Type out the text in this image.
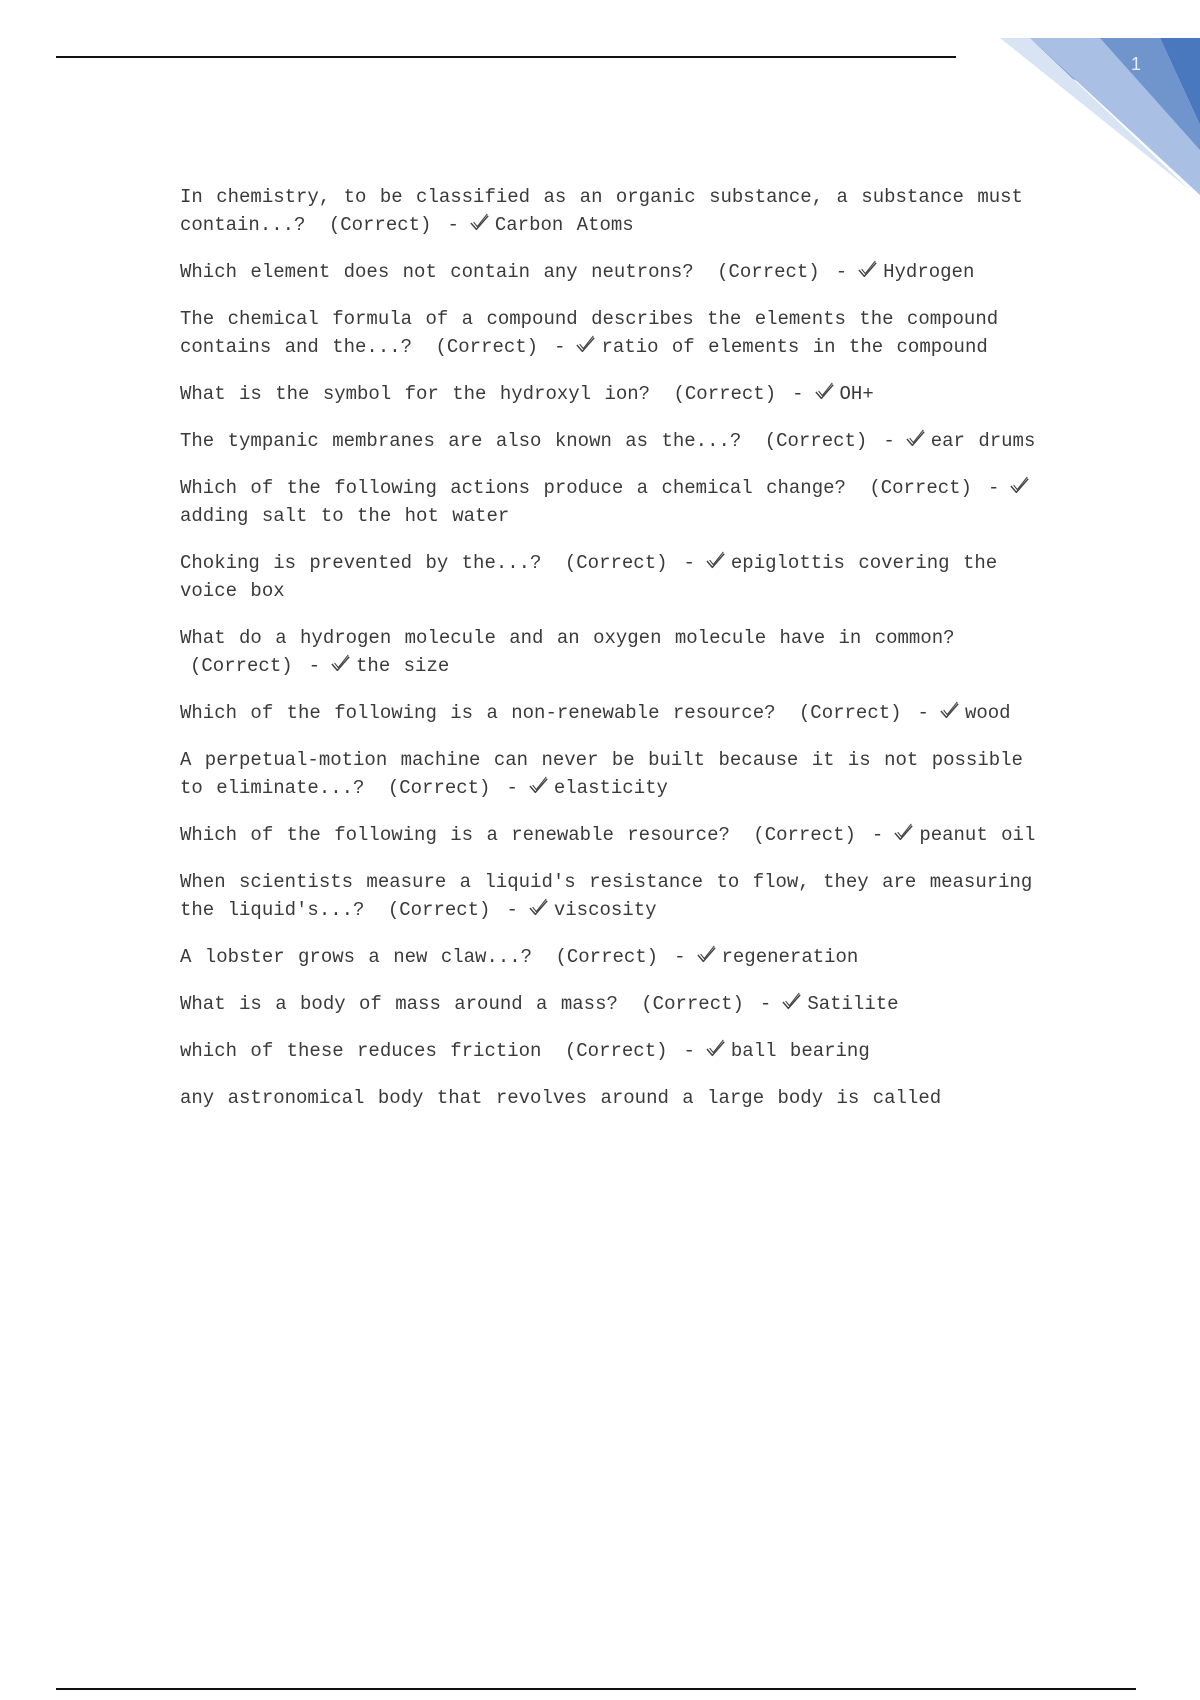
1
In chemistry, to be classified as an organic substance, a substance must contain...? (Correct) - Carbon Atoms
Which element does not contain any neutrons? (Correct) - Hydrogen
The chemical formula of a compound describes the elements the compound contains and the...? (Correct) - ratio of elements in the compound
What is the symbol for the hydroxyl ion? (Correct) - OH+
The tympanic membranes are also known as the...? (Correct) - ear drums
Which of the following actions produce a chemical change? (Correct) -adding salt to the hot water
Choking is prevented by the...? (Correct) - epiglottis covering the voice box
What do a hydrogen molecule and an oxygen molecule have in common? (Correct) - the size
Which of the following is a non-renewable resource? (Correct) - wood
A perpetual-motion machine can never be built because it is not possible to eliminate...? (Correct) - elasticity
Which of the following is a renewable resource? (Correct) - peanut oil
When scientists measure a liquid's resistance to flow, they are measuring the liquid's...? (Correct) - viscosity
A lobster grows a new claw...? (Correct) - regeneration
What is a body of mass around a mass? (Correct) - Satilite
which of these reduces friction (Correct) - ball bearing
any astronomical body that revolves around a large body is called
